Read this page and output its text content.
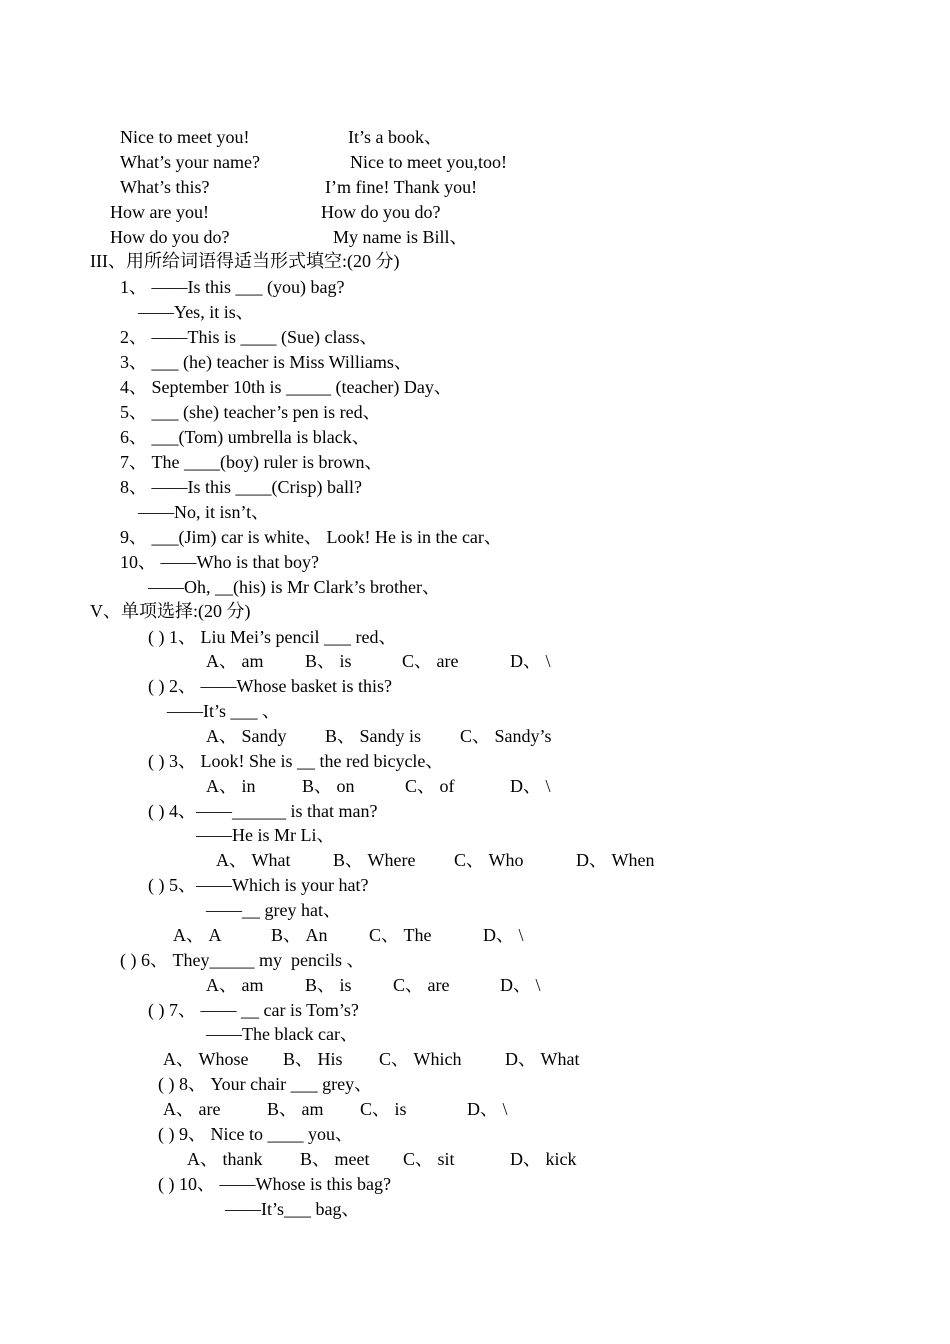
Nice to meet you!	It’s a book、
What’s your name?	Nice to meet you,too!
What’s this?	I’m fine! Thank you!
How are you!	How do you do?
How do you do?	My name is Bill、
III、用所给词语得适当形式填空:(20 分)
1、 ——Is this ___ (you) bag?
——Yes, it is、
2、 ——This is ____ (Sue) class、
3、 ___ (he) teacher is Miss Williams、
4、 September 10th is _____ (teacher) Day、
5、 ___ (she) teacher’s pen is red、
6、 ___(Tom) umbrella is black、
7、 The ____(boy) ruler is brown、
8、 ——Is this ____(Crisp) ball?
——No, it isn’t、
9、 ___(Jim) car is white、 Look! He is in the car、
10、 ——Who is that boy?
——Oh, __(his) is Mr Clark’s brother、
V、单项选择:(20 分)
( ) 1、 Liu Mei’s pencil ___ red、
A、 am B、 is	C、 are	D、 \
( ) 2、 ——Whose basket is this?
——It’s ___ 、
A、 Sandy B、 Sandy is C、 Sandy’s
( ) 3、 Look! She is __ the red bicycle、
A、 in	B、 on	C、 of	D、 \
( ) 4、——______ is that man?
——He is Mr Li、
A、 What B、 Where C、 Who	D、 When
( ) 5、——Which is your hat?
——__ grey hat、
A、 A	B、 An C、 The	D、 \
( ) 6、 They_____ my  pencils 、
A、 am B、 is C、 are	D、 \
( ) 7、 —— __ car is Tom’s?
——The black car、
A、 Whose B、 His C、 Which D、 What
( ) 8、 Your chair ___ grey、
A、 are	B、 am C、 is	D、 \
( ) 9、 Nice to ____ you、
A、 thank B、 meet C、 sit	D、 kick
( ) 10、 ——Whose is this bag?
——It’s___ bag、
